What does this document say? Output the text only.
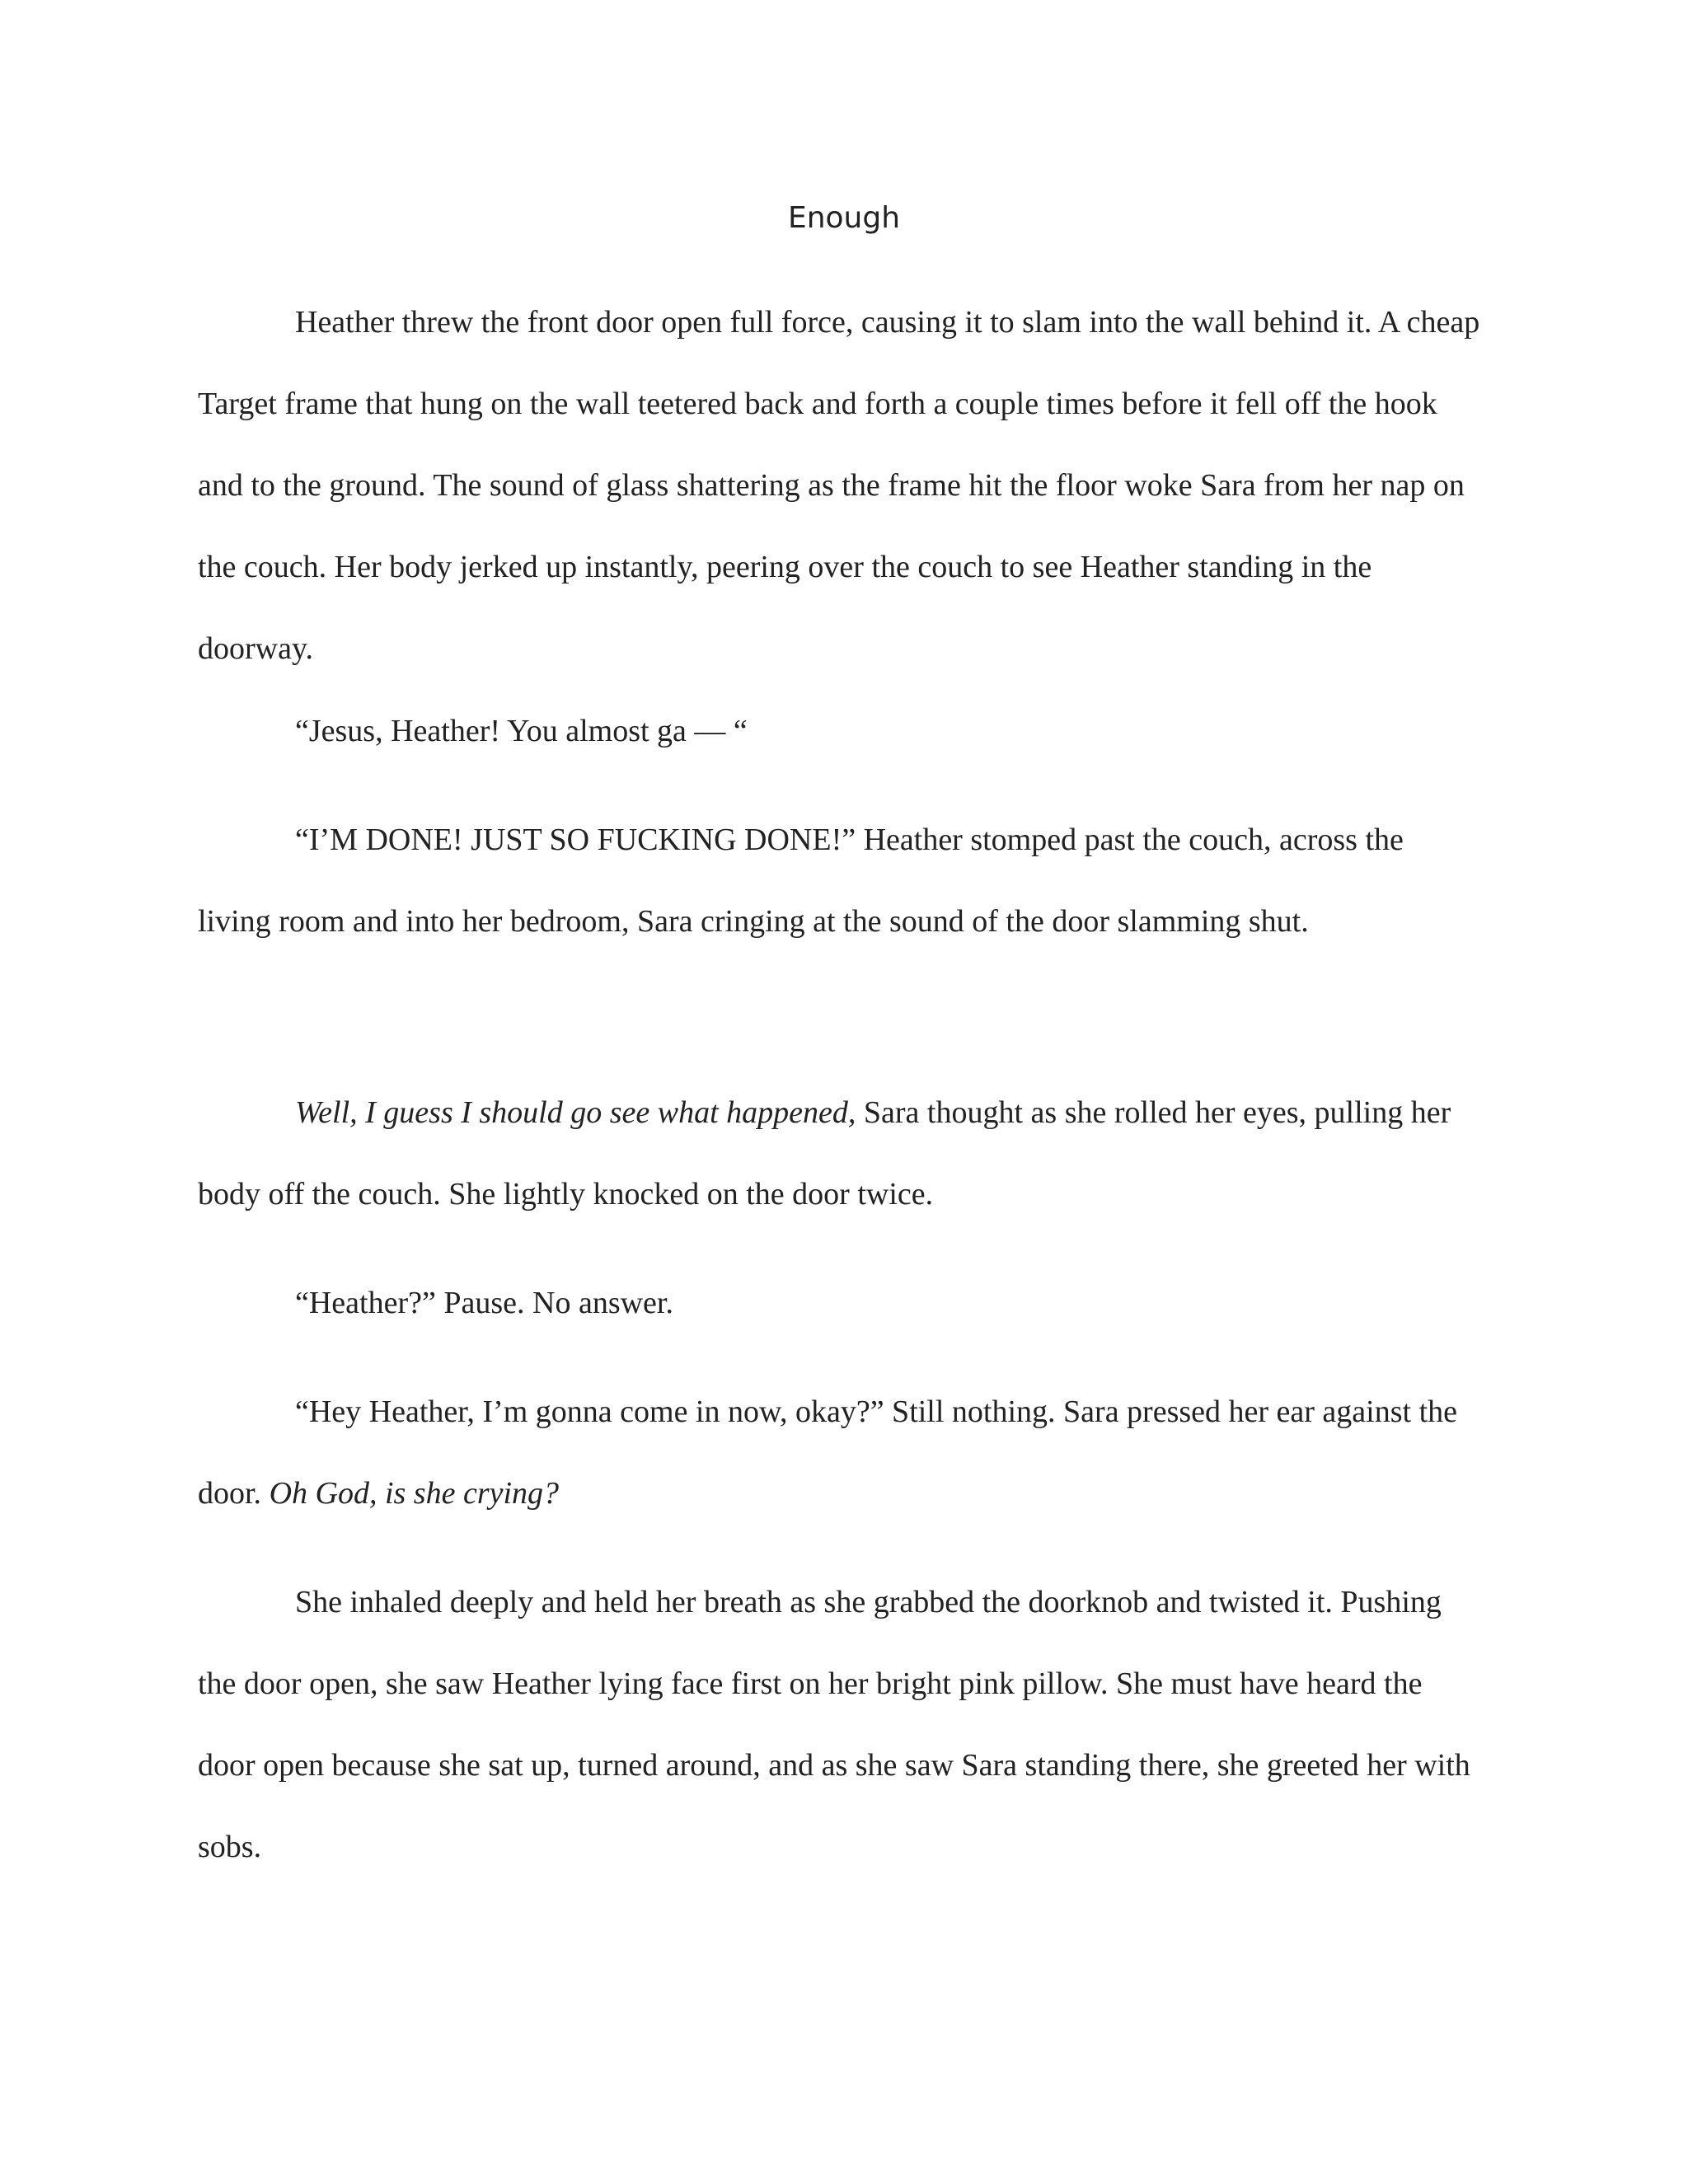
Enough

Heather threw the front door open full force, causing it to slam into the wall behind it. A cheap Target frame that hung on the wall teetered back and forth a couple times before it fell off the hook and to the ground. The sound of glass shattering as the frame hit the floor woke Sara from her nap on the couch. Her body jerked up instantly, peering over the couch to see Heather standing in the doorway.

“Jesus, Heather! You almost ga — “

“I’M DONE! JUST SO FUCKING DONE!” Heather stomped past the couch, across the living room and into her bedroom, Sara cringing at the sound of the door slamming shut.

Well, I guess I should go see what happened, Sara thought as she rolled her eyes, pulling her body off the couch. She lightly knocked on the door twice.

“Heather?” Pause. No answer.

“Hey Heather, I’m gonna come in now, okay?” Still nothing. Sara pressed her ear against the door. Oh God, is she crying?

She inhaled deeply and held her breath as she grabbed the doorknob and twisted it. Pushing the door open, she saw Heather lying face first on her bright pink pillow. She must have heard the door open because she sat up, turned around, and as she saw Sara standing there, she greeted her with sobs.
